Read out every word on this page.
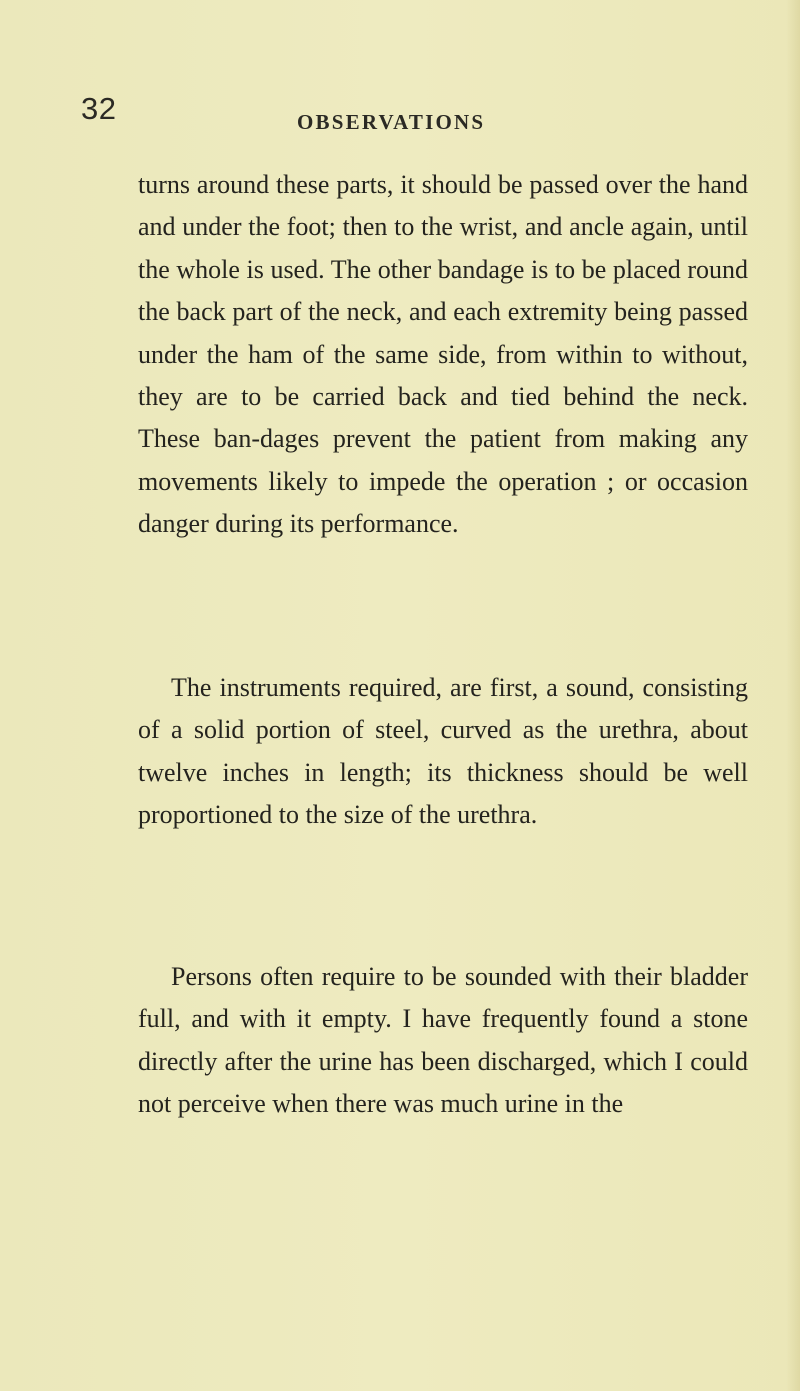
32	OBSERVATIONS

turns around these parts, it should be passed over the hand and under the foot; then to the wrist, and ancle again, until the whole is used. The other bandage is to be placed round the back part of the neck, and each extremity being passed under the ham of the same side, from within to without, they are to be carried back and tied behind the neck. These ban-dages prevent the patient from making any movements likely to impede the operation ; or occasion danger during its performance.

The instruments required, are first, a sound, consisting of a solid portion of steel, curved as the urethra, about twelve inches in length; its thickness should be well proportioned to the size of the urethra.

Persons often require to be sounded with their bladder full, and with it empty. I have frequently found a stone directly after the urine has been discharged, which I could not perceive when there was much urine in the
